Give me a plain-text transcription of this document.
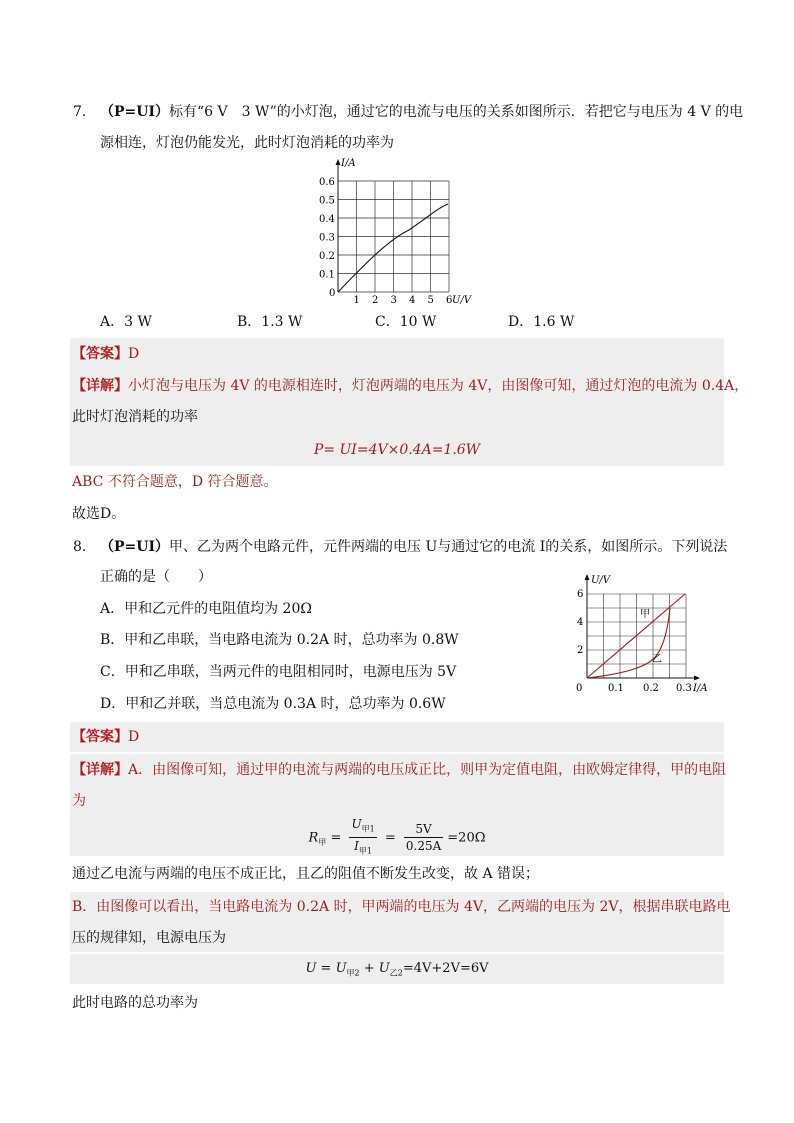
7. （P=UI）标有“6 V　3 W”的小灯泡，通过它的电流与电压的关系如图所示．若把它与电压为 4 V 的电
源相连，灯泡仍能发光，此时灯泡消耗的功率为
I/A
0.6
0.5
0.4
0.3
0.2
0.1
1 2 3 4 5 6
0
U/V
A．3 W	B．1.3 W	C．10 W	D．1.6 W
【答案】D
【详解】小灯泡与电压为 4V 的电源相连时，灯泡两端的电压为 4V，由图像可知，通过灯泡的电流为 0.4A，
此时灯泡消耗的功率
P= UI=4V×0.4A=1.6W
ABC 不符合题意，D 符合题意。
故选D。
8. （P=UI）甲、乙为两个电路元件，元件两端的电压 U与通过它的电流 I的关系，如图所示。下列说法
正确的是（　　）
A．甲和乙元件的电阻值均为 20Ω
B．甲和乙串联，当电路电流为 0.2A 时，总功率为 0.8W
C．甲和乙串联，当两元件的电阻相同时，电源电压为 5V
D．甲和乙并联，当总电流为 0.3A 时，总功率为 0.6W
U/V
6
4
2
0	0.1 0.2 0.3 I/A
甲
乙
【答案】D
【详解】A．由图像可知，通过甲的电流与两端的电压成正比，则甲为定值电阻，由欧姆定律得，甲的电阻
为
$R_甲 = \frac{U_{甲1}}{I_{甲1}} = \frac{5V}{0.25A} =20\Omega$
通过乙电流与两端的电压不成正比，且乙的阻值不断发生改变，故 A 错误；
B．由图像可以看出，当电路电流为 0.2A 时，甲两端的电压为 4V，乙两端的电压为 2V，根据串联电路电
压的规律知，电源电压为
$U = U_{甲2} + U_{乙2}=4V+2V=6V$
此时电路的总功率为
